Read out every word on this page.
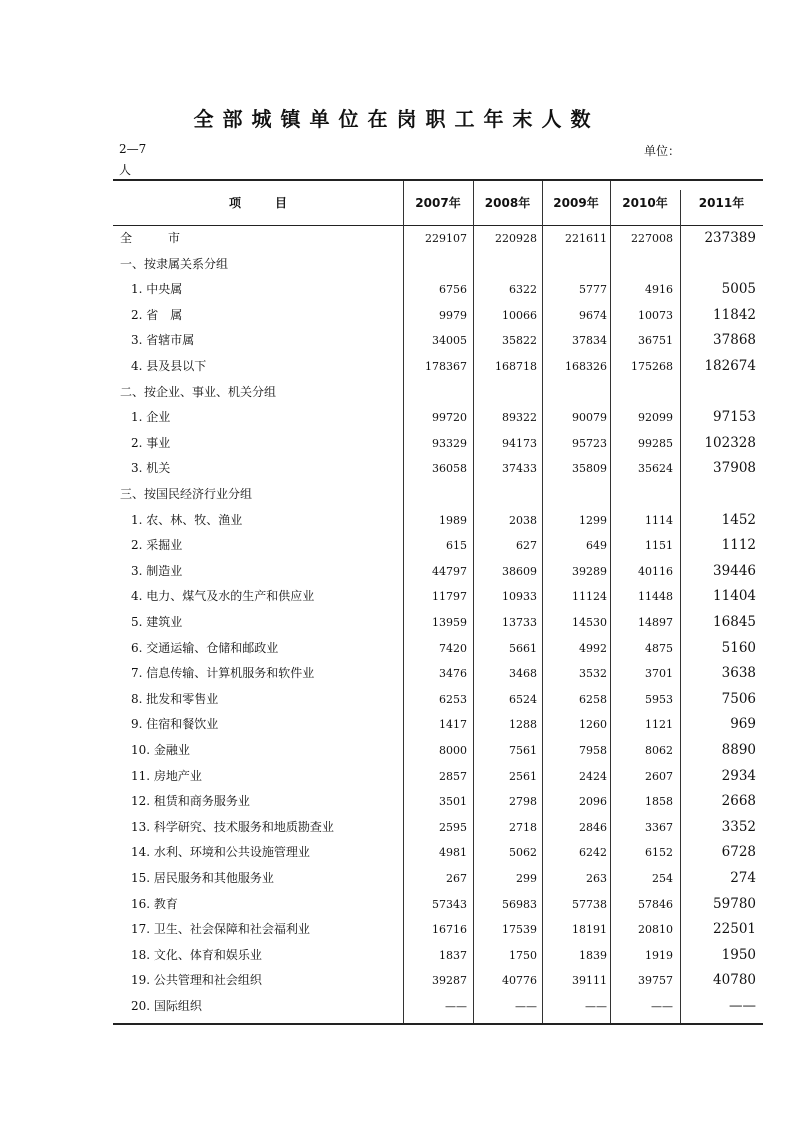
全部城镇单位在岗职工年末人数
2—7	单位：
人
项	目	2007年	2008年	2009年	2010年	2011年
全　　　市	229107	220928	221611	227008	237389
一、按隶属关系分组
1. 中央属	6756	6322	5777	4916	5005
2. 省　属	9979	10066	9674	10073	11842
3. 省辖市属	34005	35822	37834	36751	37868
4. 县及县以下	178367	168718	168326	175268	182674
二、按企业、事业、机关分组
1. 企业	99720	89322	90079	92099	97153
2. 事业	93329	94173	95723	99285	102328
3. 机关	36058	37433	35809	35624	37908
三、按国民经济行业分组
1. 农、林、牧、渔业	1989	2038	1299	1114	1452
2. 采掘业	615	627	649	1151	1112
3. 制造业	44797	38609	39289	40116	39446
4. 电力、煤气及水的生产和供应业	11797	10933	11124	11448	11404
5. 建筑业	13959	13733	14530	14897	16845
6. 交通运输、仓储和邮政业	7420	5661	4992	4875	5160
7. 信息传输、计算机服务和软件业	3476	3468	3532	3701	3638
8. 批发和零售业	6253	6524	6258	5953	7506
9. 住宿和餐饮业	1417	1288	1260	1121	969
10. 金融业	8000	7561	7958	8062	8890
11. 房地产业	2857	2561	2424	2607	2934
12. 租赁和商务服务业	3501	2798	2096	1858	2668
13. 科学研究、技术服务和地质勘查业	2595	2718	2846	3367	3352
14. 水利、环境和公共设施管理业	4981	5062	6242	6152	6728
15. 居民服务和其他服务业	267	299	263	254	274
16. 教育	57343	56983	57738	57846	59780
17. 卫生、社会保障和社会福利业	16716	17539	18191	20810	22501
18. 文化、体育和娱乐业	1837	1750	1839	1919	1950
19. 公共管理和社会组织	39287	40776	39111	39757	40780
20. 国际组织	——	——	——	——	——
